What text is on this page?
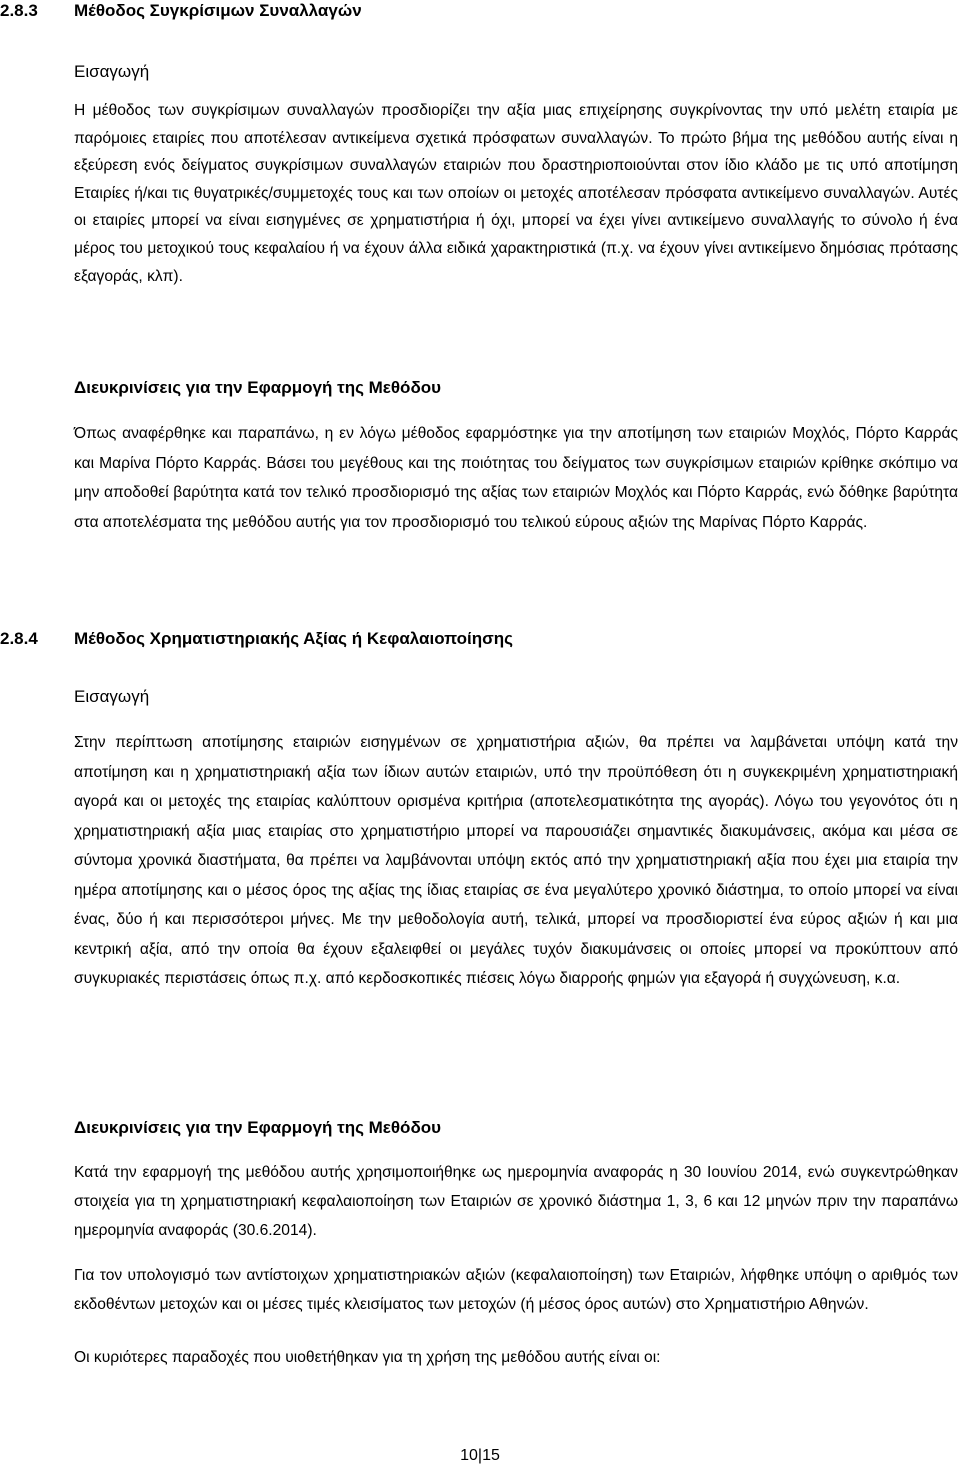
2.8.3 Μέθοδος Συγκρίσιμων Συναλλαγών
Εισαγωγή

Η μέθοδος των συγκρίσιμων συναλλαγών προσδιορίζει την αξία μιας επιχείρησης συγκρίνοντας την υπό μελέτη εταιρία με παρόμοιες εταιρίες που αποτέλεσαν αντικείμενα σχετικά πρόσφατων συναλλαγών. Το πρώτο βήμα της μεθόδου αυτής είναι η εξεύρεση ενός δείγματος συγκρίσιμων συναλλαγών εταιριών που δραστηριοποιούνται στον ίδιο κλάδο με τις υπό αποτίμηση Εταιρίες ή/και τις θυγατρικές/συμμετοχές τους και των οποίων οι μετοχές αποτέλεσαν πρόσφατα αντικείμενο συναλλαγών. Αυτές οι εταιρίες μπορεί να είναι εισηγμένες σε χρηματιστήρια ή όχι, μπορεί να έχει γίνει αντικείμενο συναλλαγής το σύνολο ή ένα μέρος του μετοχικού τους κεφαλαίου ή να έχουν άλλα ειδικά χαρακτηριστικά (π.χ. να έχουν γίνει αντικείμενο δημόσιας πρότασης εξαγοράς, κλπ).

Διευκρινίσεις για την Εφαρμογή της Μεθόδου

Όπως αναφέρθηκε και παραπάνω, η εν λόγω μέθοδος εφαρμόστηκε για την αποτίμηση των εταιριών Μοχλός, Πόρτο Καρράς και Μαρίνα Πόρτο Καρράς. Βάσει του μεγέθους και της ποιότητας του δείγματος των συγκρίσιμων εταιριών κρίθηκε σκόπιμο να μην αποδοθεί βαρύτητα κατά τον τελικό προσδιορισμό της αξίας των εταιριών Μοχλός και Πόρτο Καρράς, ενώ δόθηκε βαρύτητα στα αποτελέσματα της μεθόδου αυτής για τον προσδιορισμό του τελικού εύρους αξιών της Μαρίνας Πόρτο Καρράς.

2.8.4 Μέθοδος Χρηματιστηριακής Αξίας ή Κεφαλαιοποίησης
Εισαγωγή

Στην περίπτωση αποτίμησης εταιριών εισηγμένων σε χρηματιστήρια αξιών, θα πρέπει να λαμβάνεται υπόψη κατά την αποτίμηση και η χρηματιστηριακή αξία των ίδιων αυτών εταιριών, υπό την προϋπόθεση ότι η συγκεκριμένη χρηματιστηριακή αγορά και οι μετοχές της εταιρίας καλύπτουν ορισμένα κριτήρια (αποτελεσματικότητα της αγοράς). Λόγω του γεγονότος ότι η χρηματιστηριακή αξία μιας εταιρίας στο χρηματιστήριο μπορεί να παρουσιάζει σημαντικές διακυμάνσεις, ακόμα και μέσα σε σύντομα χρονικά διαστήματα, θα πρέπει να λαμβάνονται υπόψη εκτός από την χρηματιστηριακή αξία που έχει μια εταιρία την ημέρα αποτίμησης και ο μέσος όρος της αξίας της ίδιας εταιρίας σε ένα μεγαλύτερο χρονικό διάστημα, το οποίο μπορεί να είναι ένας, δύο ή και περισσότεροι μήνες. Με την μεθοδολογία αυτή, τελικά, μπορεί να προσδιοριστεί ένα εύρος αξιών ή και μια κεντρική αξία, από την οποία θα έχουν εξαλειφθεί οι μεγάλες τυχόν διακυμάνσεις οι οποίες μπορεί να προκύπτουν από συγκυριακές περιστάσεις όπως π.χ. από κερδοσκοπικές πιέσεις λόγω διαρροής φημών για εξαγορά ή συγχώνευση, κ.α.

Διευκρινίσεις για την Εφαρμογή της Μεθόδου

Κατά την εφαρμογή της μεθόδου αυτής χρησιμοποιήθηκε ως ημερομηνία αναφοράς η 30 Ιουνίου 2014, ενώ συγκεντρώθηκαν στοιχεία για τη χρηματιστηριακή κεφαλαιοποίηση των Εταιριών σε χρονικό διάστημα 1, 3, 6 και 12 μηνών πριν την παραπάνω ημερομηνία αναφοράς (30.6.2014).

Για τον υπολογισμό των αντίστοιχων χρηματιστηριακών αξιών (κεφαλαιοποίηση) των Εταιριών, λήφθηκε υπόψη ο αριθμός των εκδοθέντων μετοχών και οι μέσες τιμές κλεισίματος των μετοχών (ή μέσος όρος αυτών) στο Χρηματιστήριο Αθηνών.

Οι κυριότερες παραδοχές που υιοθετήθηκαν για τη χρήση της μεθόδου αυτής είναι οι:

10|15
